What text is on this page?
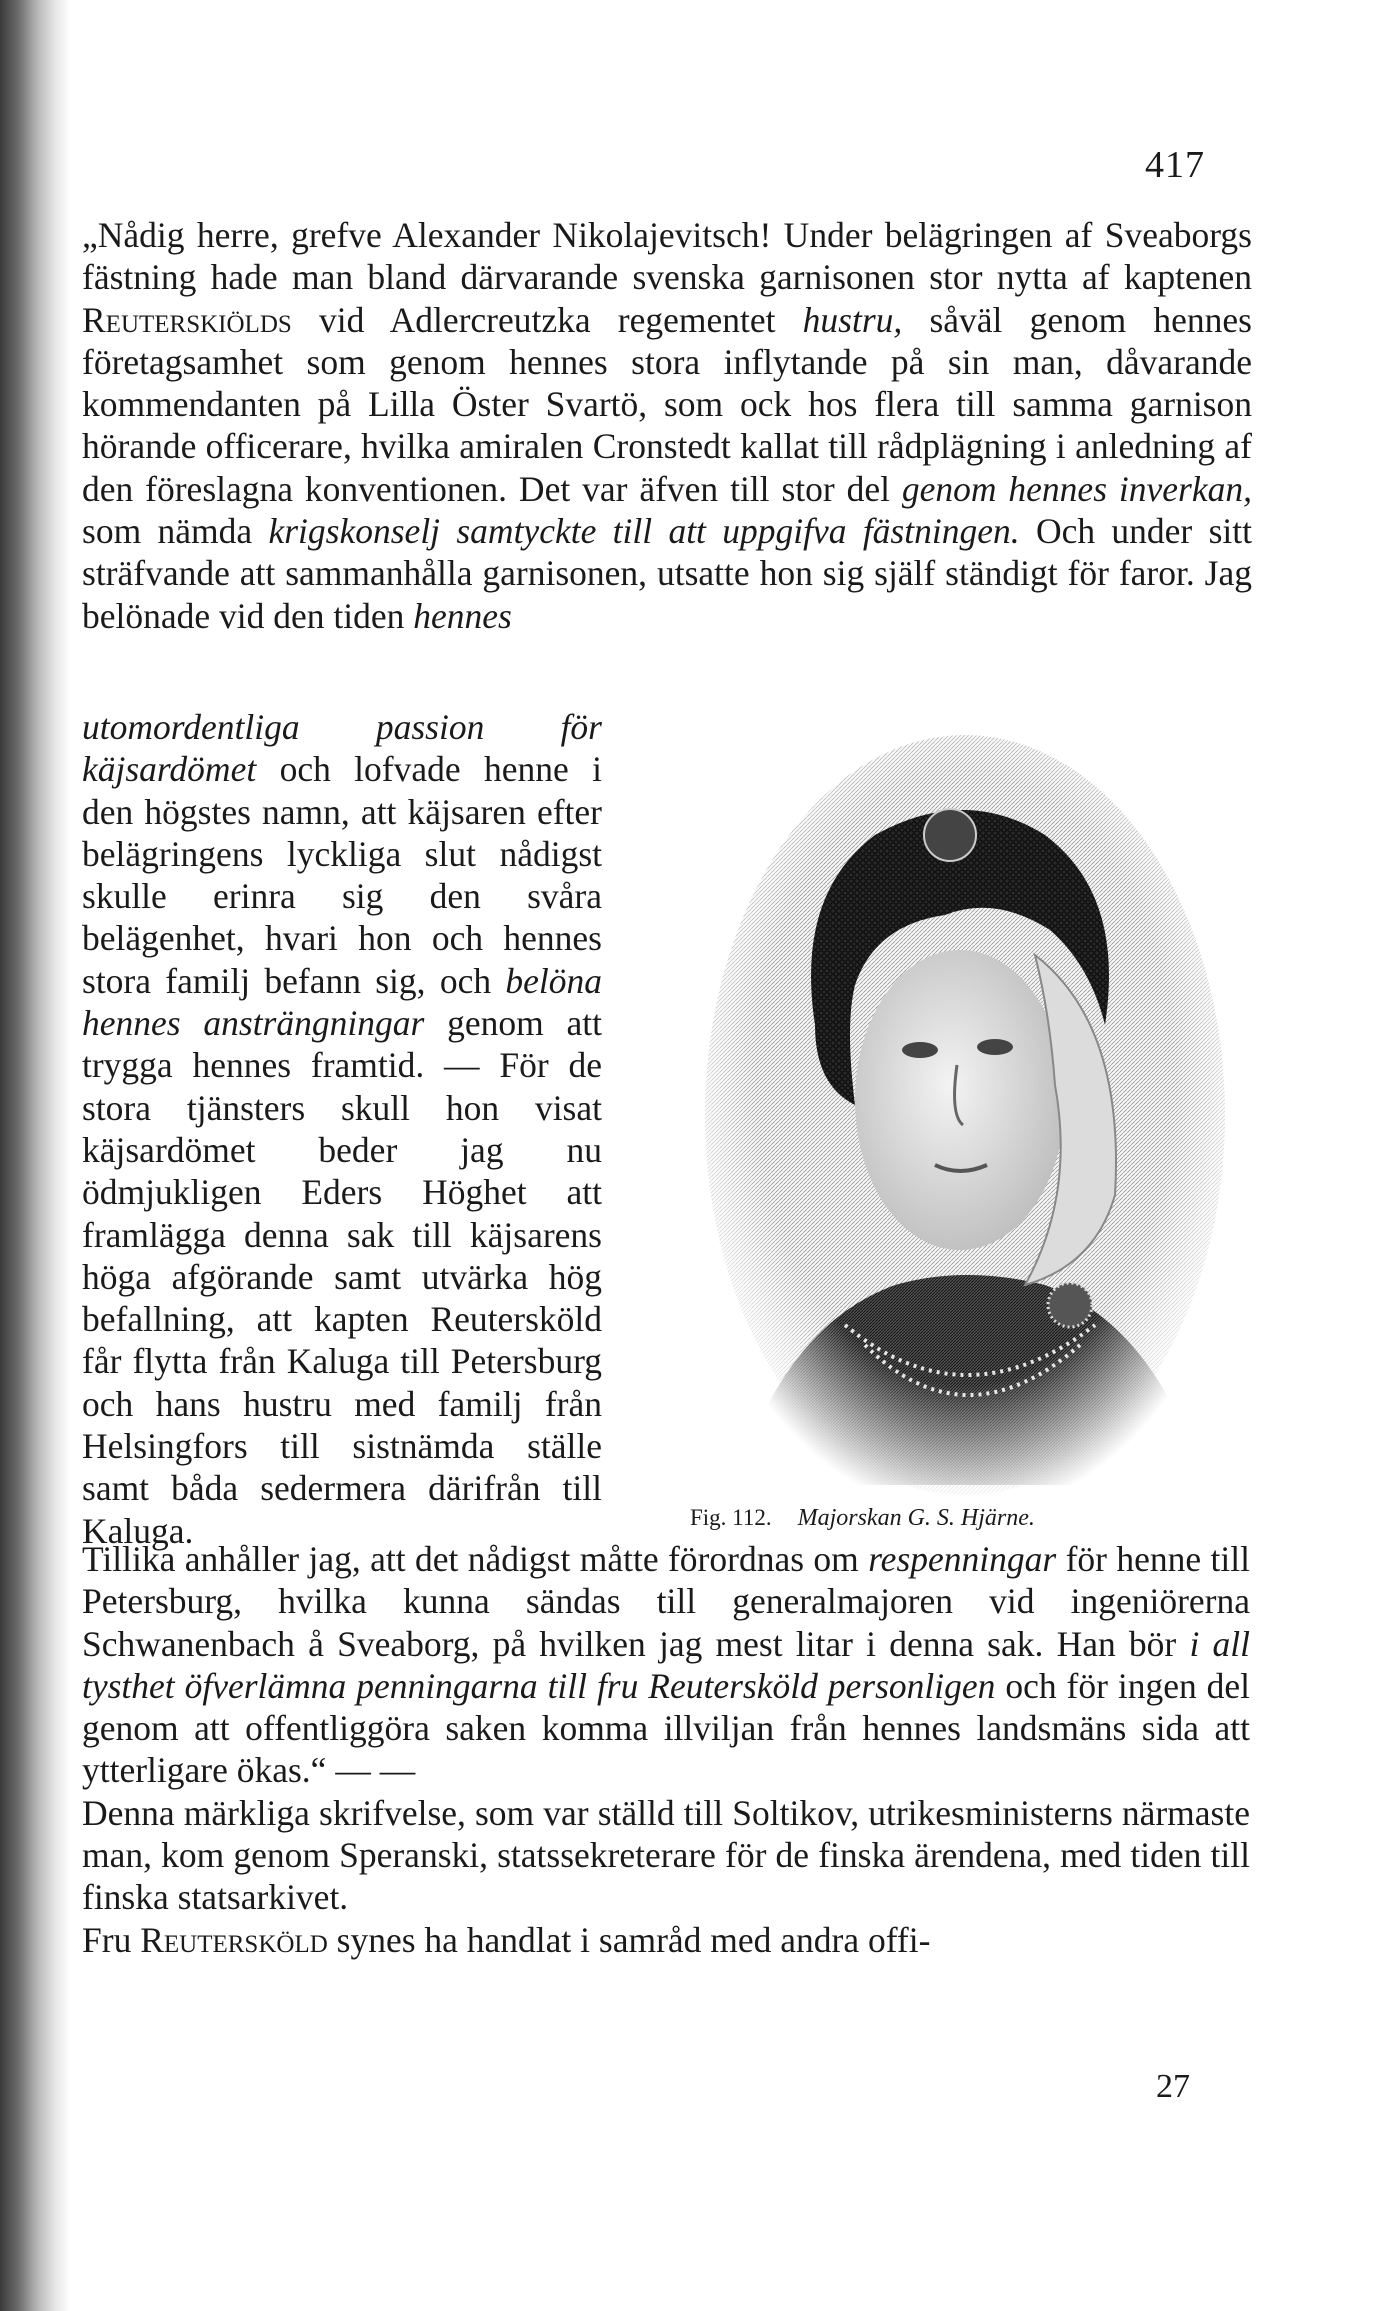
417

„Nådig herre, grefve Alexander Nikolajevitsch! Under belägringen af Sveaborgs fästning hade man bland därvarande svenska garnisonen stor nytta af kaptenen Reuterskiölds vid Adlercreutzka regementet hustru, såväl genom hennes företagsamhet som genom hennes stora inflytande på sin man, dåvarande kommendanten på Lilla Öster Svartö, som ock hos flera till samma garnison hörande officerare, hvilka amiralen Cronstedt kallat till rådplägning i anledning af den föreslagna konventionen. Det var äfven till stor del genom hennes inverkan, som nämda krigskonselj samtyckte till att uppgifva fästningen. Och under sitt sträfvande att sammanhålla garnisonen, utsatte hon sig själf ständigt för faror. Jag belönade vid den tiden hennes

utomordentliga passion för käjsardömet och lofvade henne i den högstes namn, att käjsaren efter belägringens lyckliga slut nådigst skulle erinra sig den svåra belägenhet, hvari hon och hennes stora familj befann sig, och belöna hennes ansträngningar genom att trygga hennes framtid. — För de stora tjänsters skull hon visat käjsardömet beder jag nu ödmjukligen Eders Höghet att framlägga denna sak till käjsarens höga afgörande samt utvärka hög befallning, att kapten Reutersköld får flytta från Kaluga till Petersburg och hans hustru med familj från Helsingfors till sistnämda ställe samt båda sedermera därifrån till Kaluga.	Fig. 112. Majorskan G. S. Hjärne.

Tillika anhåller jag, att det nådigst måtte förordnas om respenningar för henne till Petersburg, hvilka kunna sändas till generalmajoren vid ingeniörerna Schwanenbach å Sveaborg, på hvilken jag mest litar i denna sak. Han bör i all tysthet öfverlämna penningarna till fru Reutersköld personligen och för ingen del genom att offentliggöra saken komma illviljan från hennes landsmäns sida att ytterligare ökas.“ — —
Denna märkliga skrifvelse, som var ställd till Soltikov, utrikesministerns närmaste man, kom genom Speranski, statssekreterare för de finska ärendena, med tiden till finska statsarkivet.
Fru Reutersköld synes ha handlat i samråd med andra offi-

27
